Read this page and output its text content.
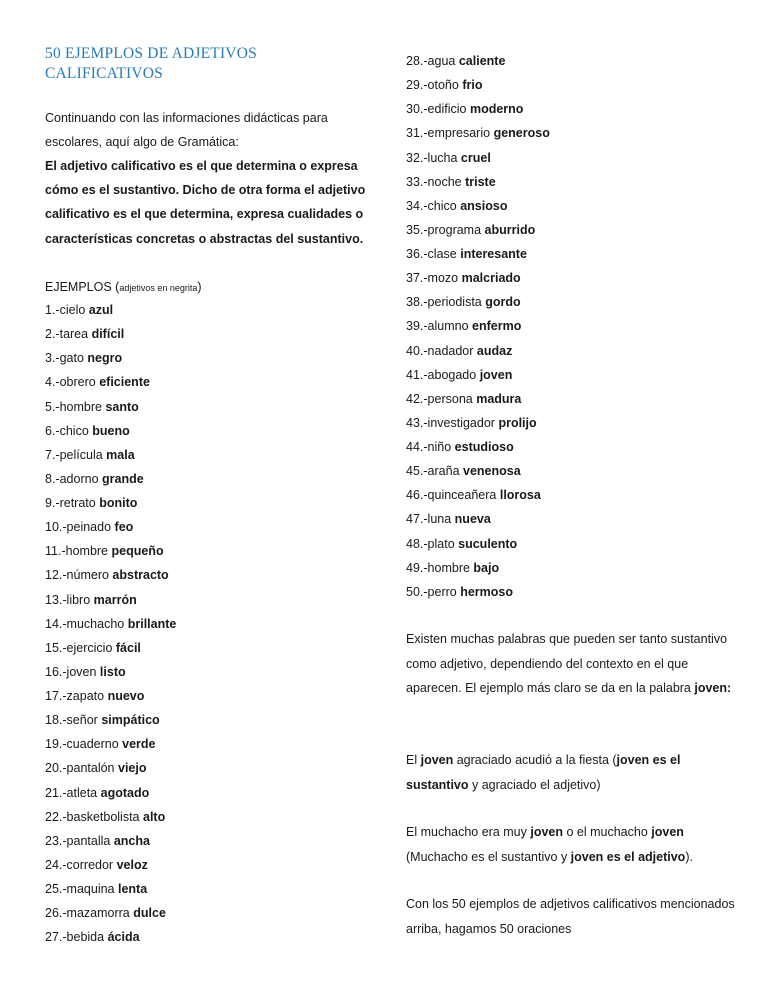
50 EJEMPLOS DE ADJETIVOS CALIFICATIVOS

Continuando con las informaciones didácticas para escolares, aquí algo de Gramática:

El adjetivo calificativo es el que determina o expresa cómo es el sustantivo. Dicho de otra forma el adjetivo calificativo es el que determina, expresa cualidades o características concretas o abstractas del sustantivo.

EJEMPLOS (adjetivos en negrita)
1.-cielo azul
2.-tarea difícil
3.-gato negro
4.-obrero eficiente
5.-hombre santo
6.-chico bueno
7.-película mala
8.-adorno grande
9.-retrato bonito
10.-peinado feo
11.-hombre pequeño
12.-número abstracto
13.-libro marrón
14.-muchacho brillante
15.-ejercicio fácil
16.-joven listo
17.-zapato nuevo
18.-señor simpático
19.-cuaderno verde
20.-pantalón viejo
21.-atleta agotado
22.-basketbolista alto
23.-pantalla ancha
24.-corredor veloz
25.-maquina lenta
26.-mazamorra dulce
27.-bebida ácida
28.-agua caliente
29.-otoño frio
30.-edificio moderno
31.-empresario generoso
32.-lucha cruel
33.-noche triste
34.-chico ansioso
35.-programa aburrido
36.-clase interesante
37.-mozo malcriado
38.-periodista gordo
39.-alumno enfermo
40.-nadador audaz
41.-abogado joven
42.-persona madura
43.-investigador prolijo
44.-niño estudioso
45.-araña venenosa
46.-quinceañera llorosa
47.-luna nueva
48.-plato suculento
49.-hombre bajo
50.-perro hermoso

Existen muchas palabras que pueden ser tanto sustantivo como adjetivo, dependiendo del contexto en el que aparecen. El ejemplo más claro se da en la palabra joven:

El joven agraciado acudió a la fiesta (joven es el sustantivo y agraciado el adjetivo)

El muchacho era muy joven o el muchacho joven (Muchacho es el sustantivo y joven es el adjetivo).

Con los 50 ejemplos de adjetivos calificativos mencionados arriba, hagamos 50 oraciones
